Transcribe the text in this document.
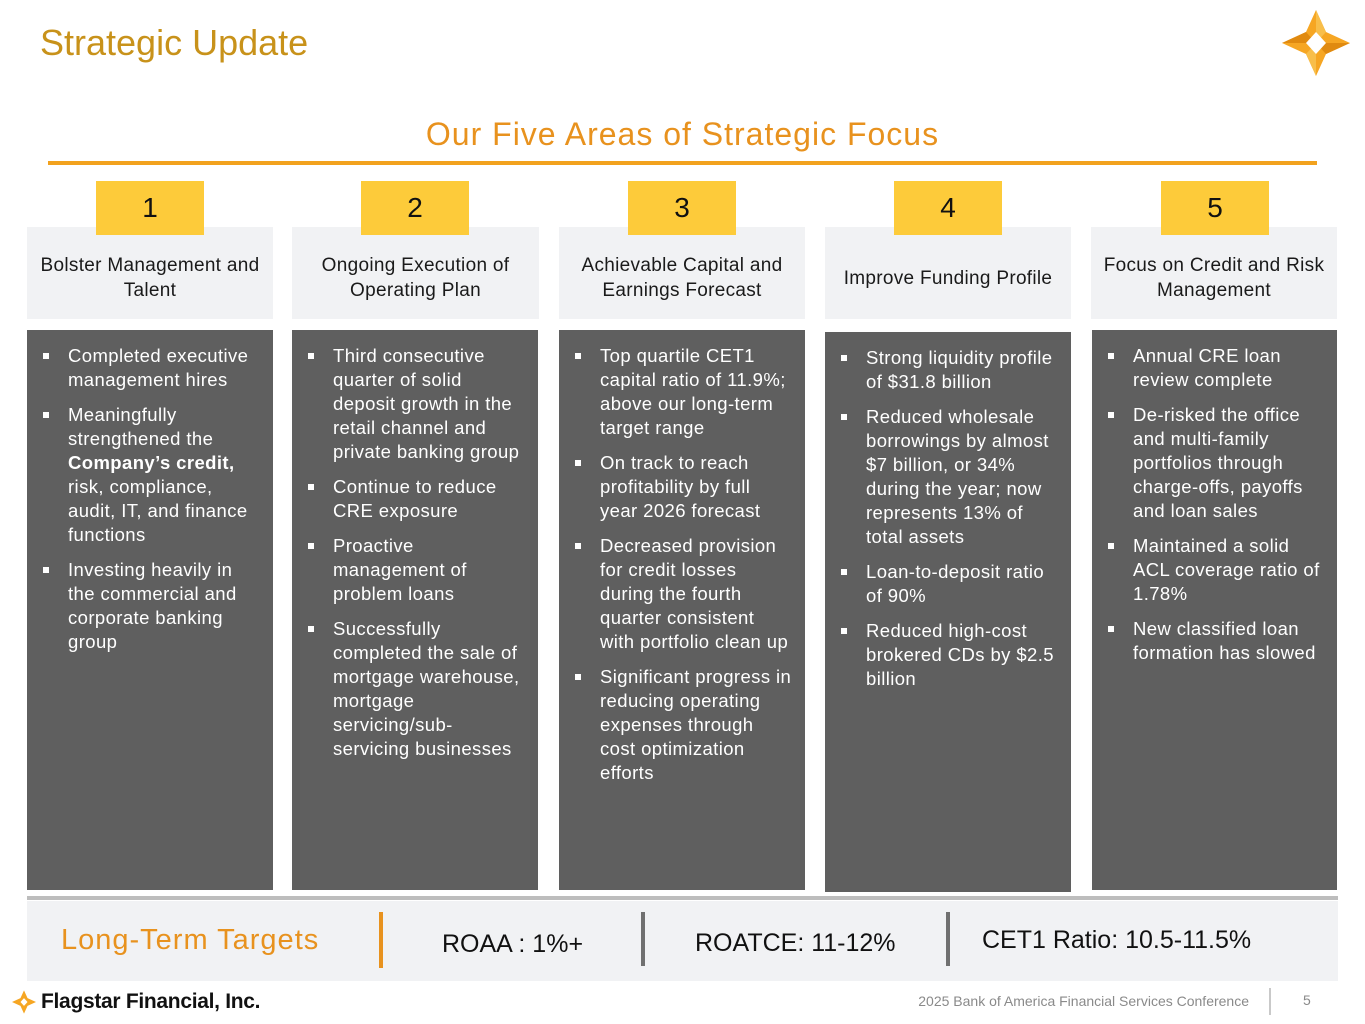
Strategic Update
Our Five Areas of Strategic Focus
1
Bolster Management and Talent
Completed executive management hires
Meaningfully strengthened the Company’s credit, risk, compliance, audit, IT, and finance functions
Investing heavily in the commercial and corporate banking group
2
Ongoing Execution of Operating Plan
Third consecutive quarter of solid deposit growth in the retail channel and private banking group
Continue to reduce CRE exposure
Proactive management of problem loans
Successfully completed the sale of mortgage warehouse, mortgage servicing/sub-servicing businesses
3
Achievable Capital and Earnings Forecast
Top quartile CET1 capital ratio of 11.9%; above our long-term target range
On track to reach profitability by full year 2026 forecast
Decreased provision for credit losses during the fourth quarter consistent with portfolio clean up
Significant progress in reducing operating expenses through cost optimization efforts
4
Improve Funding Profile
Strong liquidity profile of $31.8 billion
Reduced wholesale borrowings by almost $7 billion, or 34% during the year; now represents 13% of total assets
Loan-to-deposit ratio of 90%
Reduced high-cost brokered CDs by $2.5 billion
5
Focus on Credit and Risk Management
Annual CRE loan review complete
De-risked the office and multi-family portfolios through charge-offs, payoffs and loan sales
Maintained a solid ACL coverage ratio of 1.78%
New classified loan formation has slowed
Long-Term Targets	ROAA : 1%+	ROATCE: 11-12%	CET1 Ratio: 10.5-11.5%
Flagstar Financial, Inc.	2025 Bank of America Financial Services Conference	5
